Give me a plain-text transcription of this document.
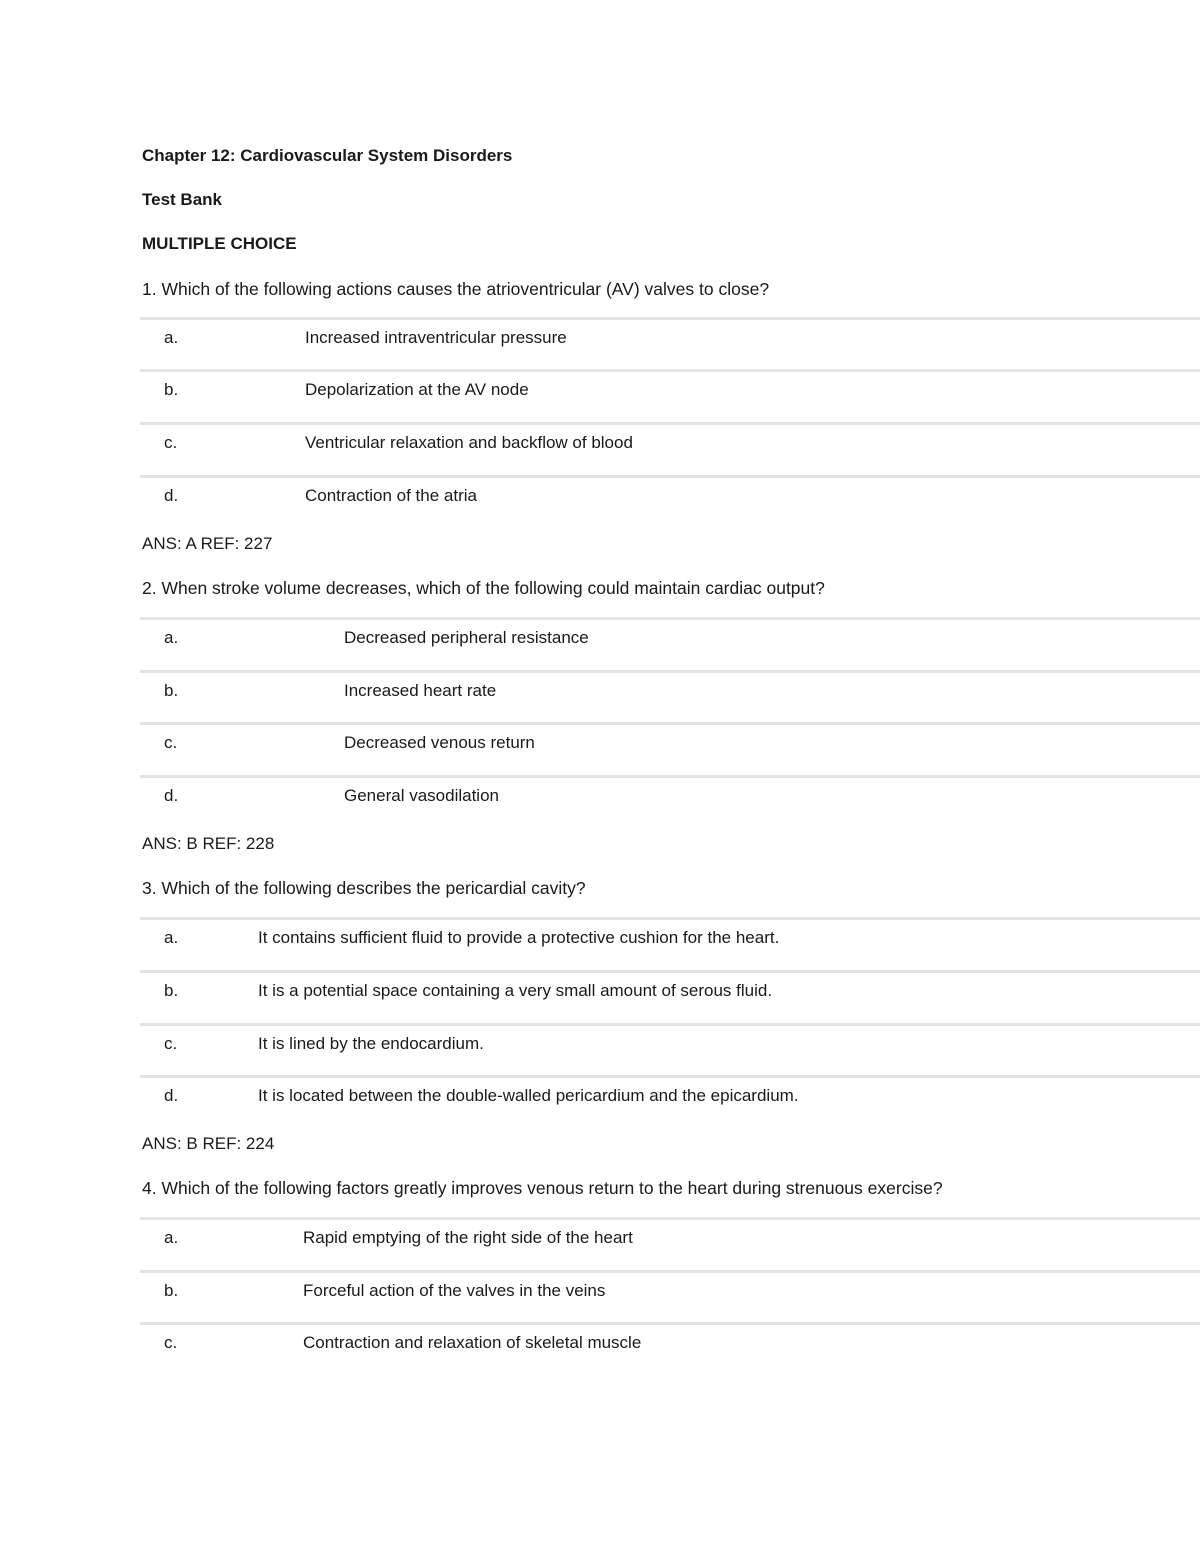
Chapter 12: Cardiovascular System Disorders
Test Bank
MULTIPLE CHOICE
1. Which of the following actions causes the atrioventricular (AV) valves to close?
a.	Increased intraventricular pressure
b.	Depolarization at the AV node
c.	Ventricular relaxation and backflow of blood
d.	Contraction of the atria
ANS: A REF: 227
2. When stroke volume decreases, which of the following could maintain cardiac output?
a.	Decreased peripheral resistance
b.	Increased heart rate
c.	Decreased venous return
d.	General vasodilation
ANS: B REF: 228
3. Which of the following describes the pericardial cavity?
a.	It contains sufficient fluid to provide a protective cushion for the heart.
b.	It is a potential space containing a very small amount of serous fluid.
c.	It is lined by the endocardium.
d.	It is located between the double-walled pericardium and the epicardium.
ANS: B REF: 224
4. Which of the following factors greatly improves venous return to the heart during strenuous exercise?
a.	Rapid emptying of the right side of the heart
b.	Forceful action of the valves in the veins
c.	Contraction and relaxation of skeletal muscle
